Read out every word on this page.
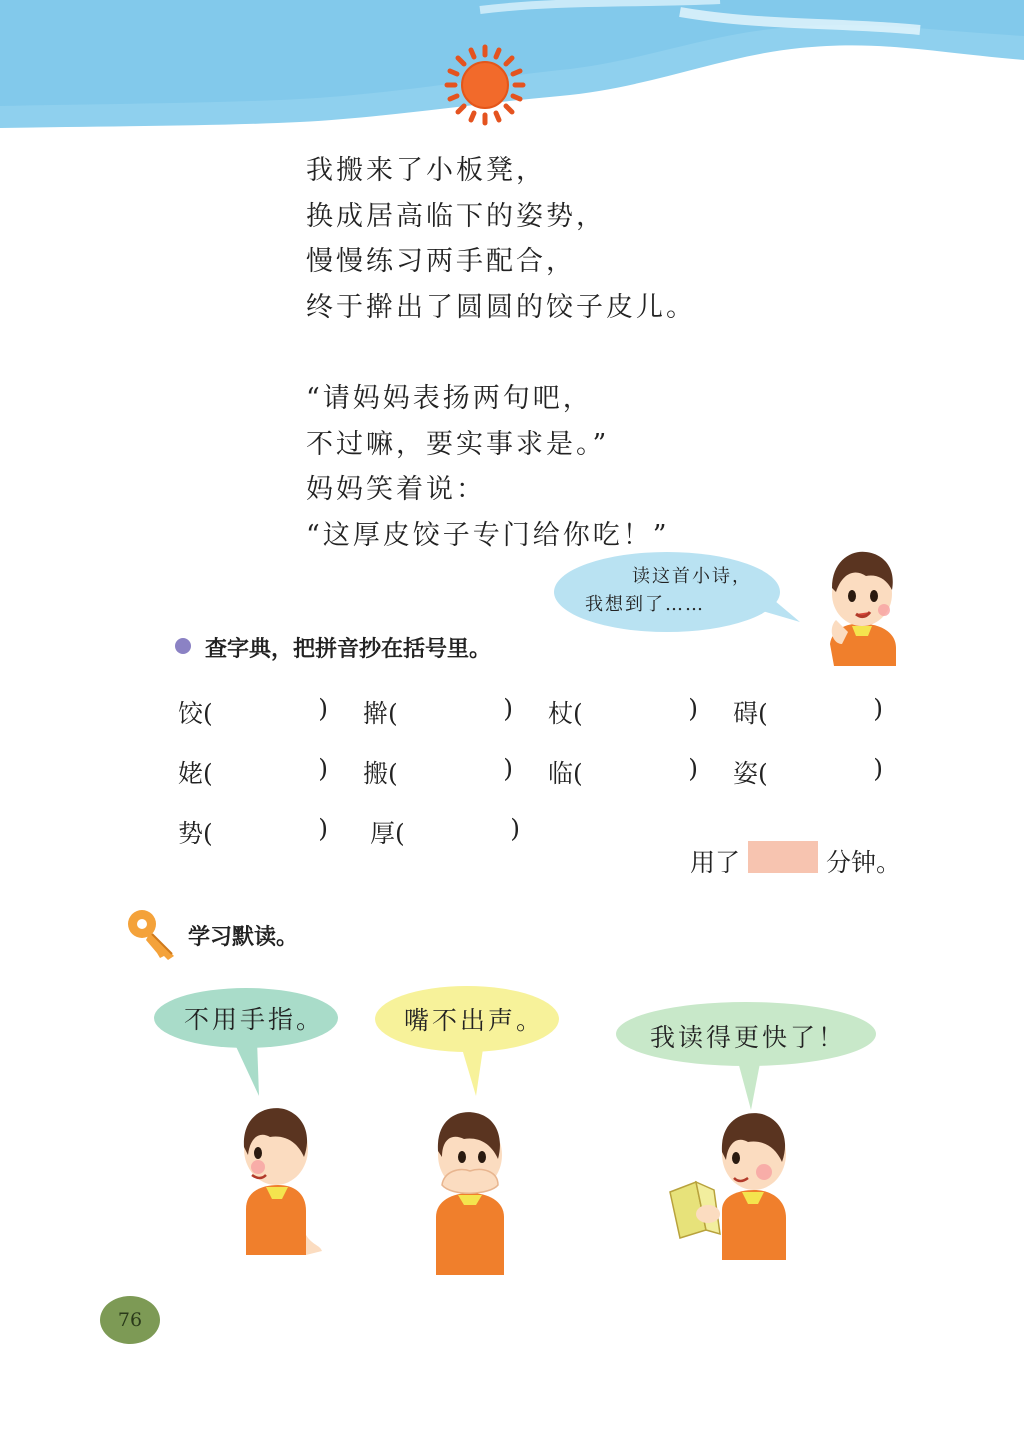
我搬来了小板凳，
换成居高临下的姿势，
慢慢练习两手配合，
终于擀出了圆圆的饺子皮儿。
“请妈妈表扬两句吧，
不过嘛，要实事求是。”
妈妈笑着说：
“这厚皮饺子专门给你吃！”
读这首小诗，
我想到了……
查字典，把拼音抄在括号里。
饺(	) 擀(	) 杖(	) 碍(	)
姥(	) 搬(	) 临(	) 姿(	)
势(	) 厚(	)
用了	分钟。
学习默读。
不用手指。	嘴不出声。
我读得更快了！
76
